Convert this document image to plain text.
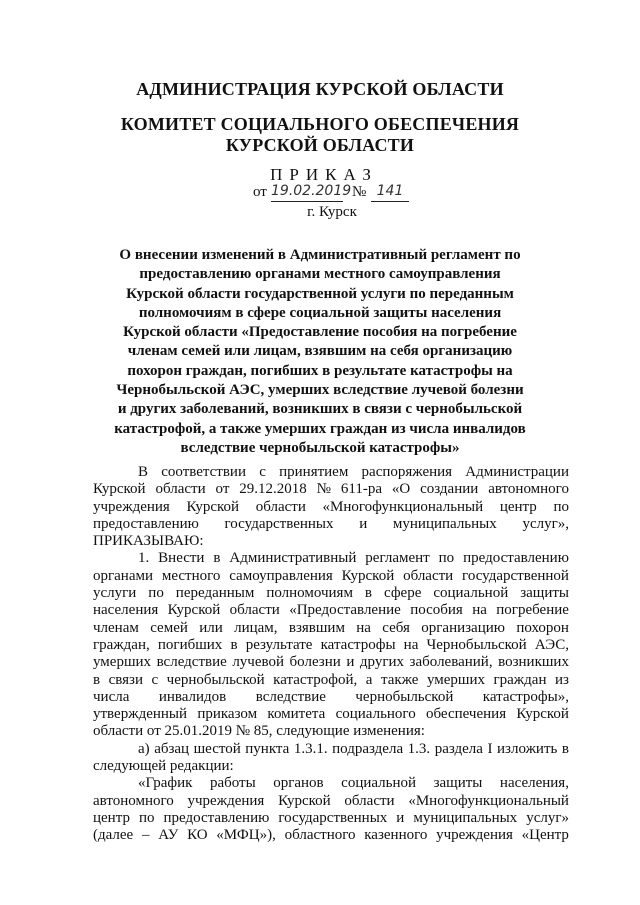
АДМИНИСТРАЦИЯ КУРСКОЙ ОБЛАСТИ
КОМИТЕТ СОЦИАЛЬНОГО ОБЕСПЕЧЕНИЯ
КУРСКОЙ ОБЛАСТИ
ПРИКАЗ
от 19.02.2019 № 141
г. Курск
О внесении изменений в Административный регламент по
предоставлению органами местного самоуправления
Курской области государственной услуги по переданным
полномочиям в сфере социальной защиты населения
Курской области «Предоставление пособия на погребение
членам семей или лицам, взявшим на себя организацию
похорон граждан, погибших в результате катастрофы на
Чернобыльской АЭС, умерших вследствие лучевой болезни
и других заболеваний, возникших в связи с чернобыльской
катастрофой, а также умерших граждан из числа инвалидов
вследствие чернобыльской катастрофы»
В соответствии с принятием распоряжения Администрации
Курской области от 29.12.2018 № 611-ра «О создании автономного
учреждения Курской области «Многофункциональный центр по
предоставлению государственных и муниципальных услуг»,
ПРИКАЗЫВАЮ:
1. Внести в Административный регламент по предоставлению
органами местного самоуправления Курской области государственной
услуги по переданным полномочиям в сфере социальной защиты
населения Курской области «Предоставление пособия на погребение
членам семей или лицам, взявшим на себя организацию похорон
граждан, погибших в результате катастрофы на Чернобыльской АЭС,
умерших вследствие лучевой болезни и других заболеваний, возникших
в связи с чернобыльской катастрофой, а также умерших граждан из
числа инвалидов вследствие чернобыльской катастрофы»,
утвержденный приказом комитета социального обеспечения Курской
области от 25.01.2019 № 85, следующие изменения:
а) абзац шестой пункта 1.3.1. подраздела 1.3. раздела I изложить в
следующей редакции:
«График работы органов социальной защиты населения,
автономного учреждения Курской области «Многофункциональный
центр по предоставлению государственных и муниципальных услуг»
(далее – АУ КО «МФЦ»), областного казенного учреждения «Центр
